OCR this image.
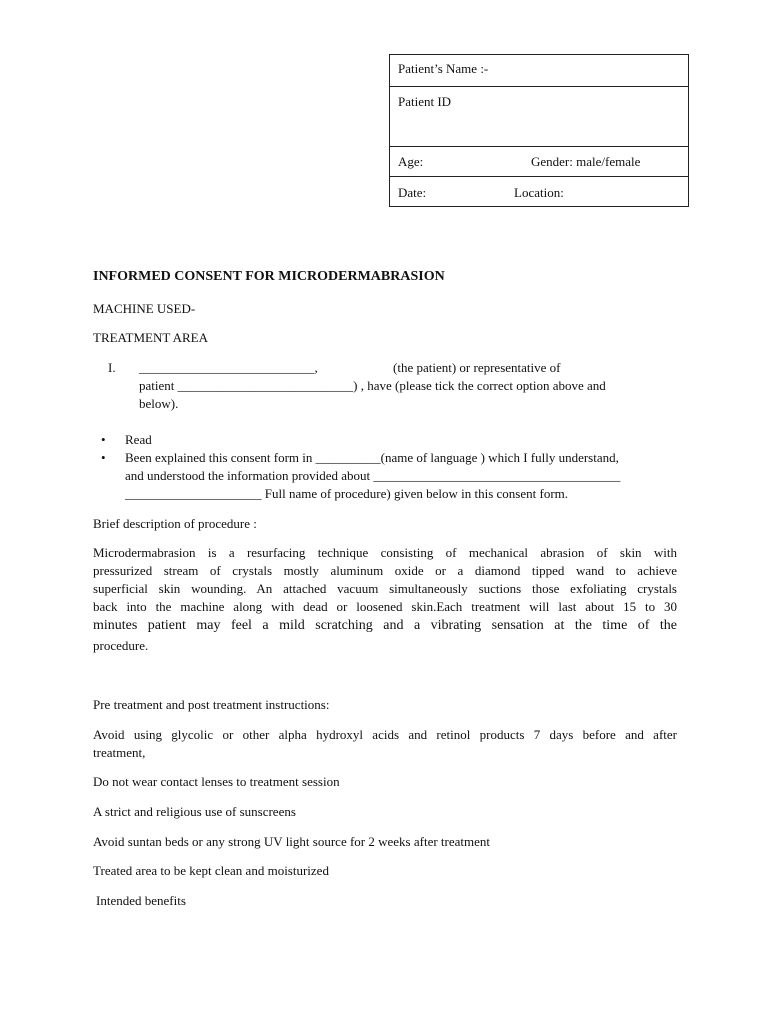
Patient’s Name :-
Patient ID
Age:	Gender: male/female
Date:	Location:
INFORMED CONSENT FOR MICRODERMABRASION
MACHINE USED-
TREATMENT AREA
I. ___________________________,	(the patient) or representative of
patient ___________________________) , have (please tick the correct option above and
below).
• Read
• Been explained this consent form in __________(name of language ) which I fully understand,
and understood the information provided about ______________________________________
_____________________ Full name of procedure) given below in this consent form.
Brief description of procedure :
Microdermabrasion is a resurfacing technique consisting of mechanical abrasion of skin with
pressurized stream of crystals mostly aluminum oxide or a diamond tipped wand to achieve
superficial skin wounding. An attached vacuum simultaneously suctions those exfoliating crystals
back into the machine along with dead or loosened skin.Each treatment will last about 15 to 30
minutes patient may feel a mild scratching and a vibrating sensation at the time of the
procedure.
Pre treatment and post treatment instructions:
Avoid using glycolic or other alpha hydroxyl acids and retinol products 7 days before and after
treatment,
Do not wear contact lenses to treatment session
A strict and religious use of sunscreens
Avoid suntan beds or any strong UV light source for 2 weeks after treatment
Treated area to be kept clean and moisturized
Intended benefits
